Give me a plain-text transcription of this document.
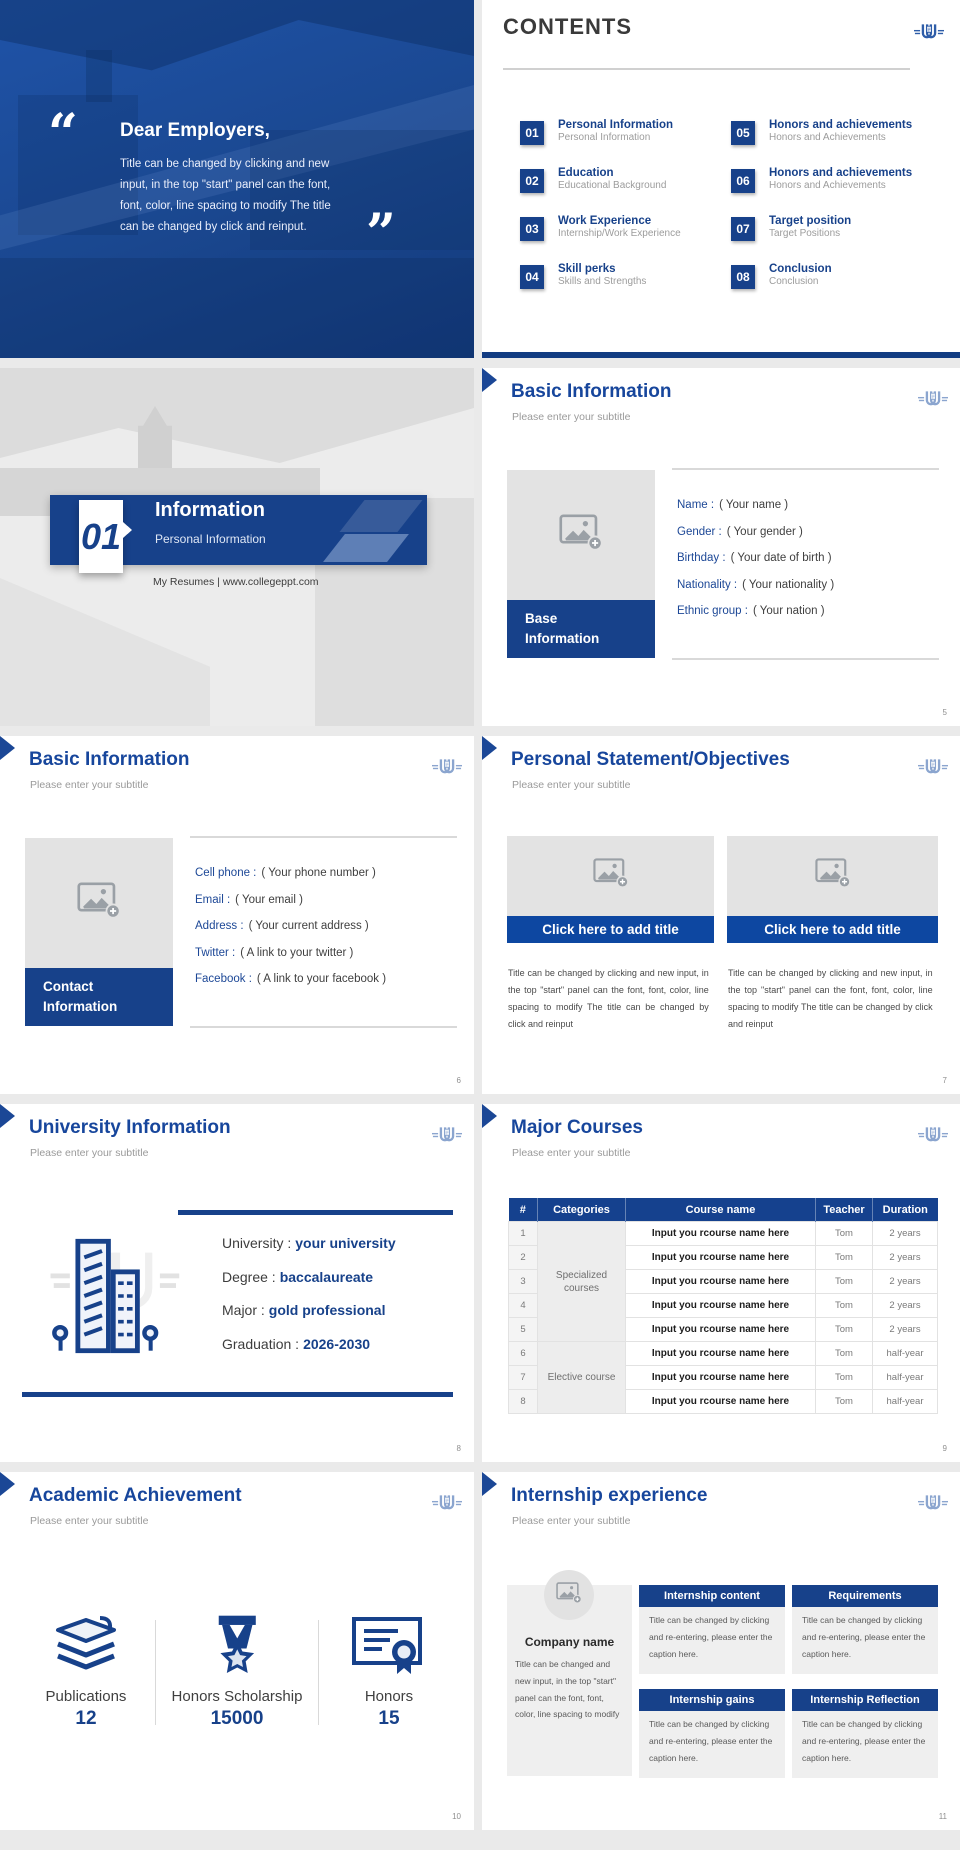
“ Dear Employers,
Title can be changed by clicking and new
input, in the top "start" panel can the font,
font, color, line spacing to modify The title
can be changed by click and reinput.	”
CONTENTS
01
Personal Information
Personal Information
02
Education
Educational Background
03
Work Experience
Internship/Work Experience
04
Skill perks
Skills and Strengths
05
Honors and achievements
Honors and Achievements
06
Honors and achievements
Honors and Achievements
07
Target position
Target Positions
08
Conclusion
Conclusion
01
Information
Personal Information
My Resumes | www.collegeppt.com
Basic Information
Please enter your subtitle
Base
Information
Name : ( Your name )
Gender : ( Your gender )
Birthday : ( Your date of birth )
Nationality : ( Your nationality )
Ethnic group : ( Your nation )
5
Basic Information
Please enter your subtitle
Contact
Information
Cell phone : ( Your phone number )
Email : ( Your email )
Address : ( Your current address )
Twitter : ( A link to your twitter )
Facebook : ( A link to your facebook )
6
Personal Statement/Objectives
Please enter your subtitle
Click here to add title
Title can be changed by clicking and new input, in the top "start" panel can the font, font, color, line spacing to modify The title can be changed by click and reinput
Click here to add title
Title can be changed by clicking and new input, in the top "start" panel can the font, font, color, line spacing to modify The title can be changed by click and reinput
7
University Information
Please enter your subtitle
University : your university
Degree : baccalaureate
Major : gold professional
Graduation : 2026-2030
8
Major Courses
Please enter your subtitle
#	Categories	Course name	Teacher	Duration
1	Specialized courses	Input you rcourse name here	Tom	2 years
2		Input you rcourse name here	Tom	2 years
3		Input you rcourse name here	Tom	2 years
4		Input you rcourse name here	Tom	2 years
5		Input you rcourse name here	Tom	2 years
6	Elective course	Input you rcourse name here	Tom	half-year
7		Input you rcourse name here	Tom	half-year
8		Input you rcourse name here	Tom	half-year
9
Academic Achievement
Please enter your subtitle
Publications
12
Honors Scholarship
15000
Honors
15
10
Internship experience
Please enter your subtitle
Company name
Title can be changed and new input, in the top "start" panel can the font, font, color, line spacing to modify
Internship content
Title can be changed by clicking and re-entering, please enter the caption here.
Requirements
Title can be changed by clicking and re-entering, please enter the caption here.
Internship gains
Title can be changed by clicking and re-entering, please enter the caption here.
Internship Reflection
Title can be changed by clicking and re-entering, please enter the caption here.
11
